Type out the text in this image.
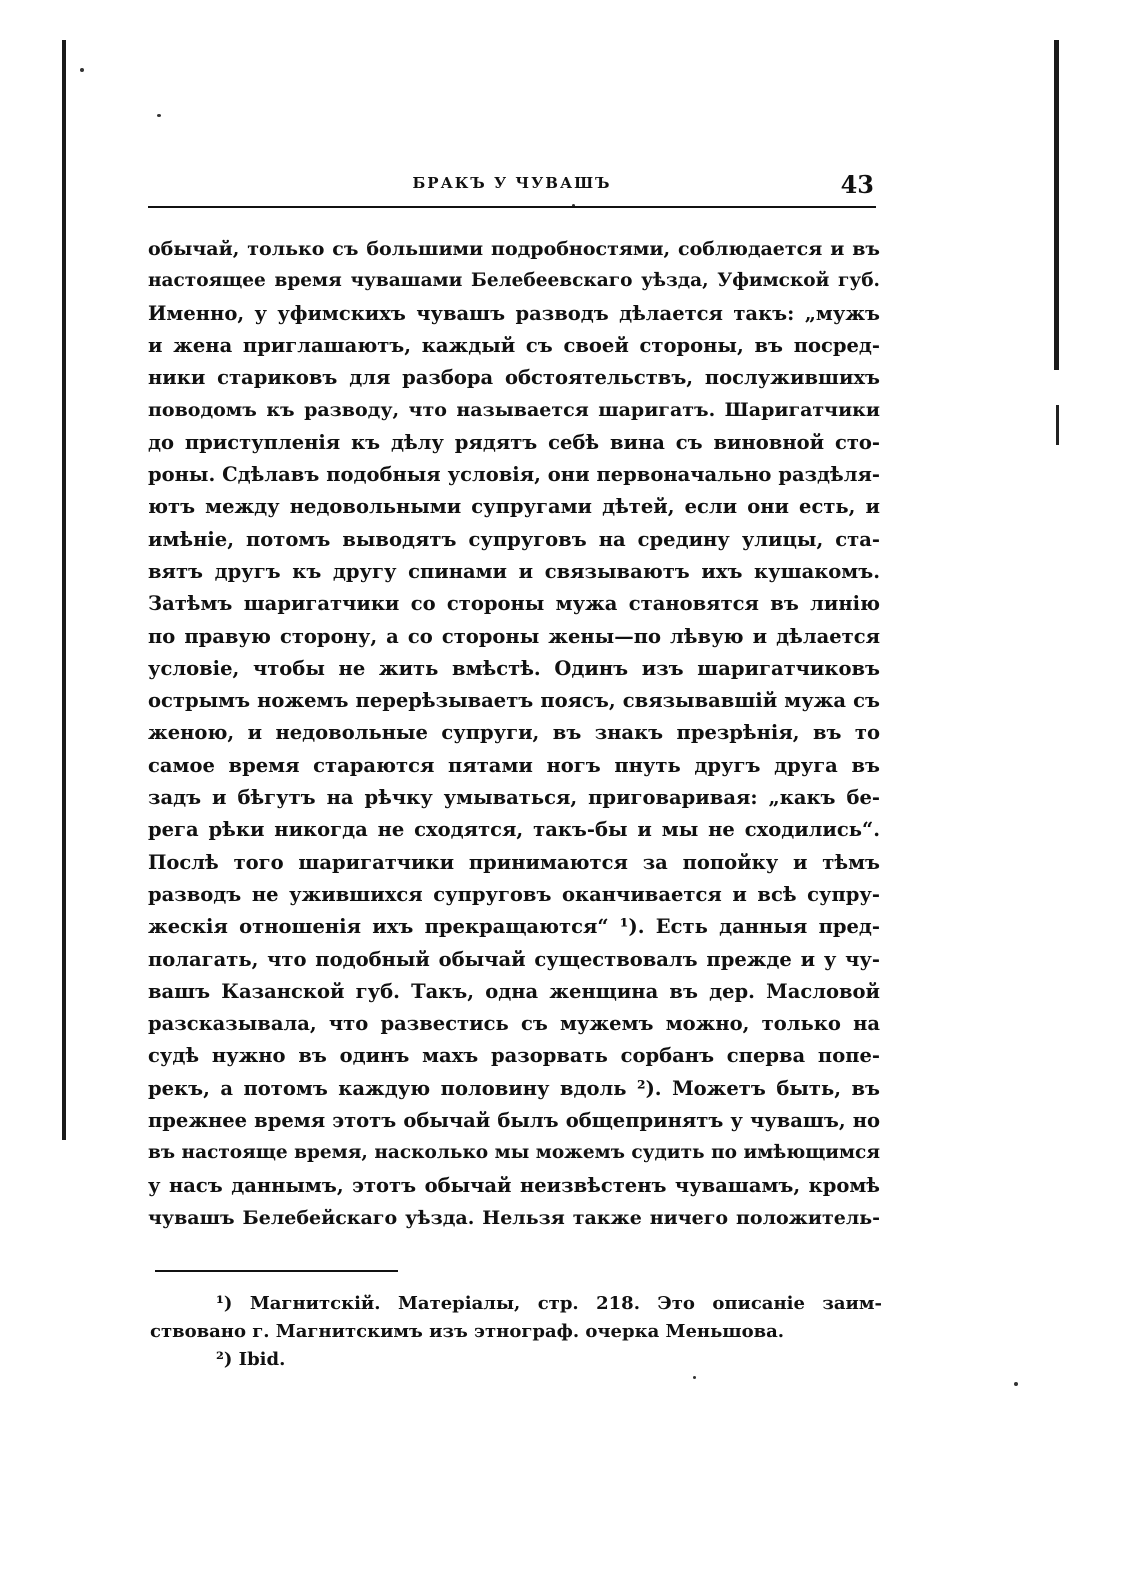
БРАКЪ У ЧУВАШЪ	43
обычай, только съ большими подробностями, соблюдается и въ
настоящее время чувашами Белебеевскаго уѣзда, Уфимской губ.
Именно, у уфимскихъ чувашъ разводъ дѣлается такъ: „мужъ
и жена приглашаютъ, каждый съ своей стороны, въ посред-
ники стариковъ для разбора обстоятельствъ, послужившихъ
поводомъ къ разводу, что называется шаригатъ. Шаригатчики
до приступленія къ дѣлу рядятъ себѣ вина съ виновной сто-
роны. Сдѣлавъ подобныя условія, они первоначально раздѣля-
ютъ между недовольными супругами дѣтей, если они есть, и
имѣніе, потомъ выводятъ супруговъ на средину улицы, ста-
вятъ другъ къ другу спинами и связываютъ ихъ кушакомъ.
Затѣмъ шаригатчики со стороны мужа становятся въ линію
по правую сторону, а со стороны жены—по лѣвую и дѣлается
условіе, чтобы не жить вмѣстѣ. Одинъ изъ шаригатчиковъ
острымъ ножемъ перерѣзываетъ поясъ, связывавшій мужа съ
женою, и недовольные супруги, въ знакъ презрѣнія, въ то
самое время стараются пятами ногъ пнуть другъ друга въ
задъ и бѣгутъ на рѣчку умываться, приговаривая: „какъ бе-
рега рѣки никогда не сходятся, такъ-бы и мы не сходились“.
Послѣ того шаригатчики принимаются за попойку и тѣмъ
разводъ не ужившихся супруговъ оканчивается и всѣ супру-
жескія отношенія ихъ прекращаются“ ¹). Есть данныя пред-
полагать, что подобный обычай существовалъ прежде и у чу-
вашъ Казанской губ. Такъ, одна женщина въ дер. Масловой
разсказывала, что развестись съ мужемъ можно, только на
судѣ нужно въ одинъ махъ разорвать сорбанъ сперва попе-
рекъ, а потомъ каждую половину вдоль ²). Можетъ быть, въ
прежнее время этотъ обычай былъ общепринятъ у чувашъ, но
въ настояще время, насколько мы можемъ судить по имѣющимся
у насъ даннымъ, этотъ обычай неизвѣстенъ чувашамъ, кромѣ
чувашъ Белебейскаго уѣзда. Нельзя также ничего положитель-
¹) Магнитскій. Матеріалы, стр. 218. Это описаніе заим-
ствовано г. Магнитскимъ изъ этнограф. очерка Меньшова.
²) Ibid.
